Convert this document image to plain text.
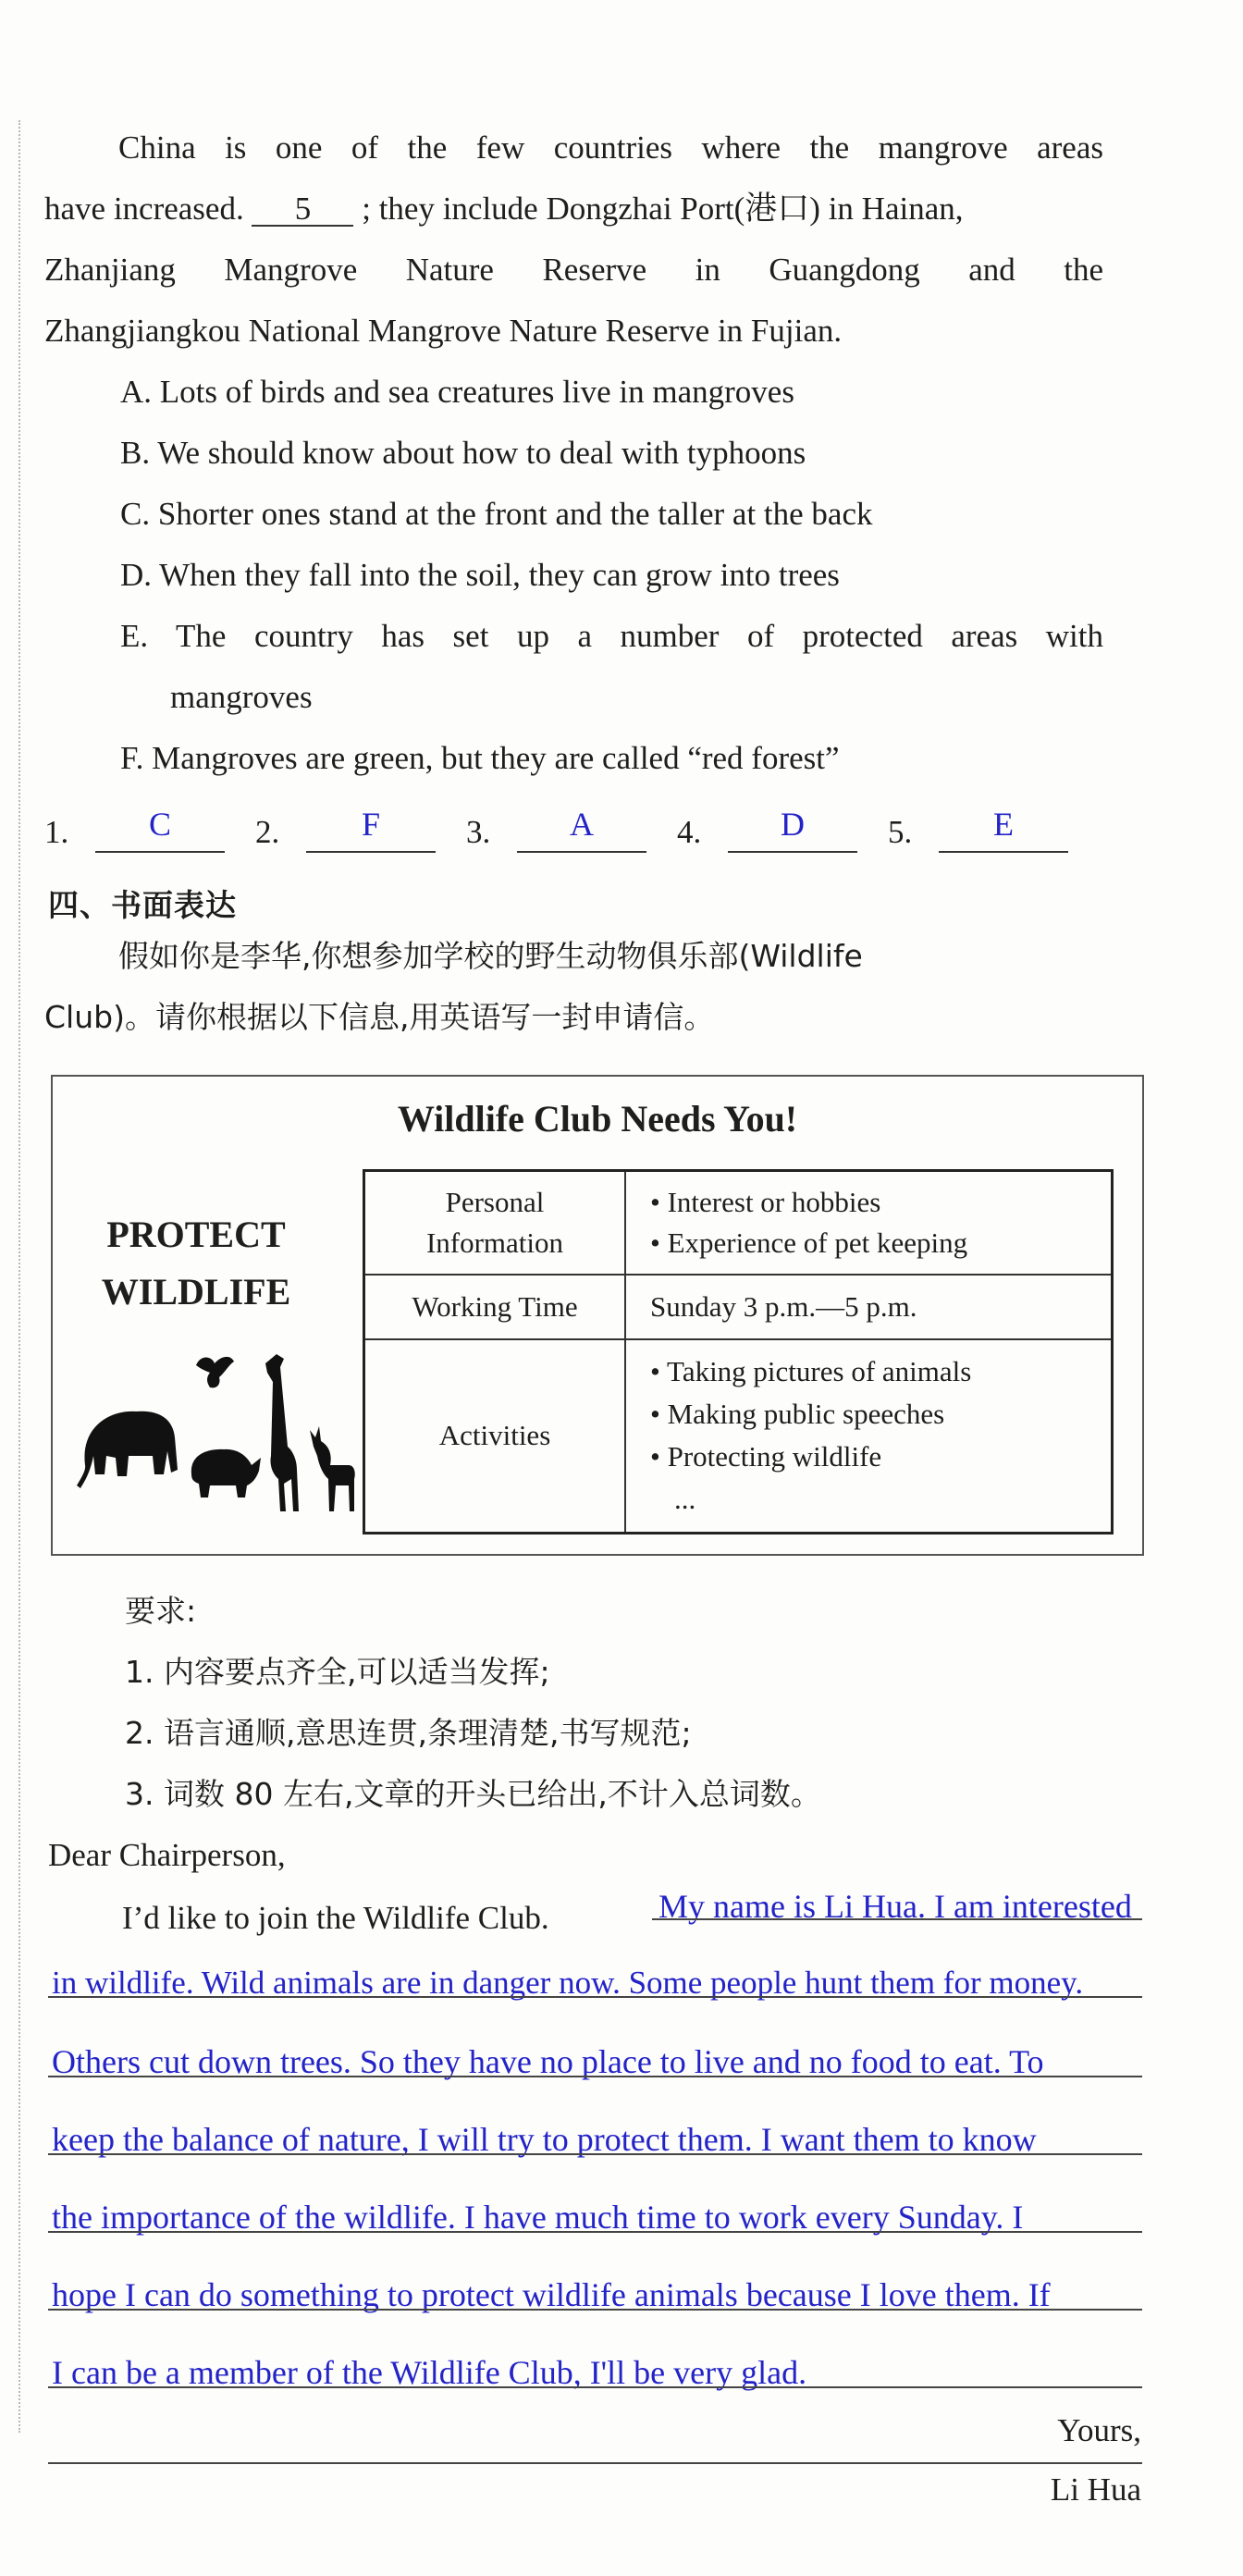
China is one of the few countries where the mangrove areas
have increased. 5 ; they include Dongzhai Port(港口) in Hainan,
Zhanjiang Mangrove Nature Reserve in Guangdong and the
Zhangjiangkou National Mangrove Nature Reserve in Fujian.
A. Lots of birds and sea creatures live in mangroves
B. We should know about how to deal with typhoons
C. Shorter ones stand at the front and the taller at the back
D. When they fall into the soil, they can grow into trees
E. The country has set up a number of protected areas with
mangroves
F. Mangroves are green, but they are called “red forest”
1.	C	2.	F	3.	A	4.	D	5.	E
四、书面表达
假如你是李华,你想参加学校的野生动物俱乐部(Wildlife
Club)。请你根据以下信息,用英语写一封申请信。
Wildlife Club Needs You!
PROTECT
WILDLIFE
Personal
Information	• Interest or hobbies
• Experience of pet keeping

Working Time	Sunday 3 p.m.—5 p.m.
Activities	• Taking pictures of animals
• Making public speeches
• Protecting wildlife
...
要求:
1. 内容要点齐全,可以适当发挥;
2. 语言通顺,意思连贯,条理清楚,书写规范;
3. 词数 80 左右,文章的开头已给出,不计入总词数。
Dear Chairperson,
I’d like to join the Wildlife Club.	My name is Li Hua. I am interested
in wildlife. Wild animals are in danger now. Some people hunt them for money.
Others cut down trees. So they have no place to live and no food to eat. To
keep the balance of nature, I will try to protect them. I want them to know
the importance of the wildlife. I have much time to work every Sunday. I
hope I can do something to protect wildlife animals because I love them. If
I can be a member of the Wildlife Club, I'll be very glad.
Yours,
Li Hua
